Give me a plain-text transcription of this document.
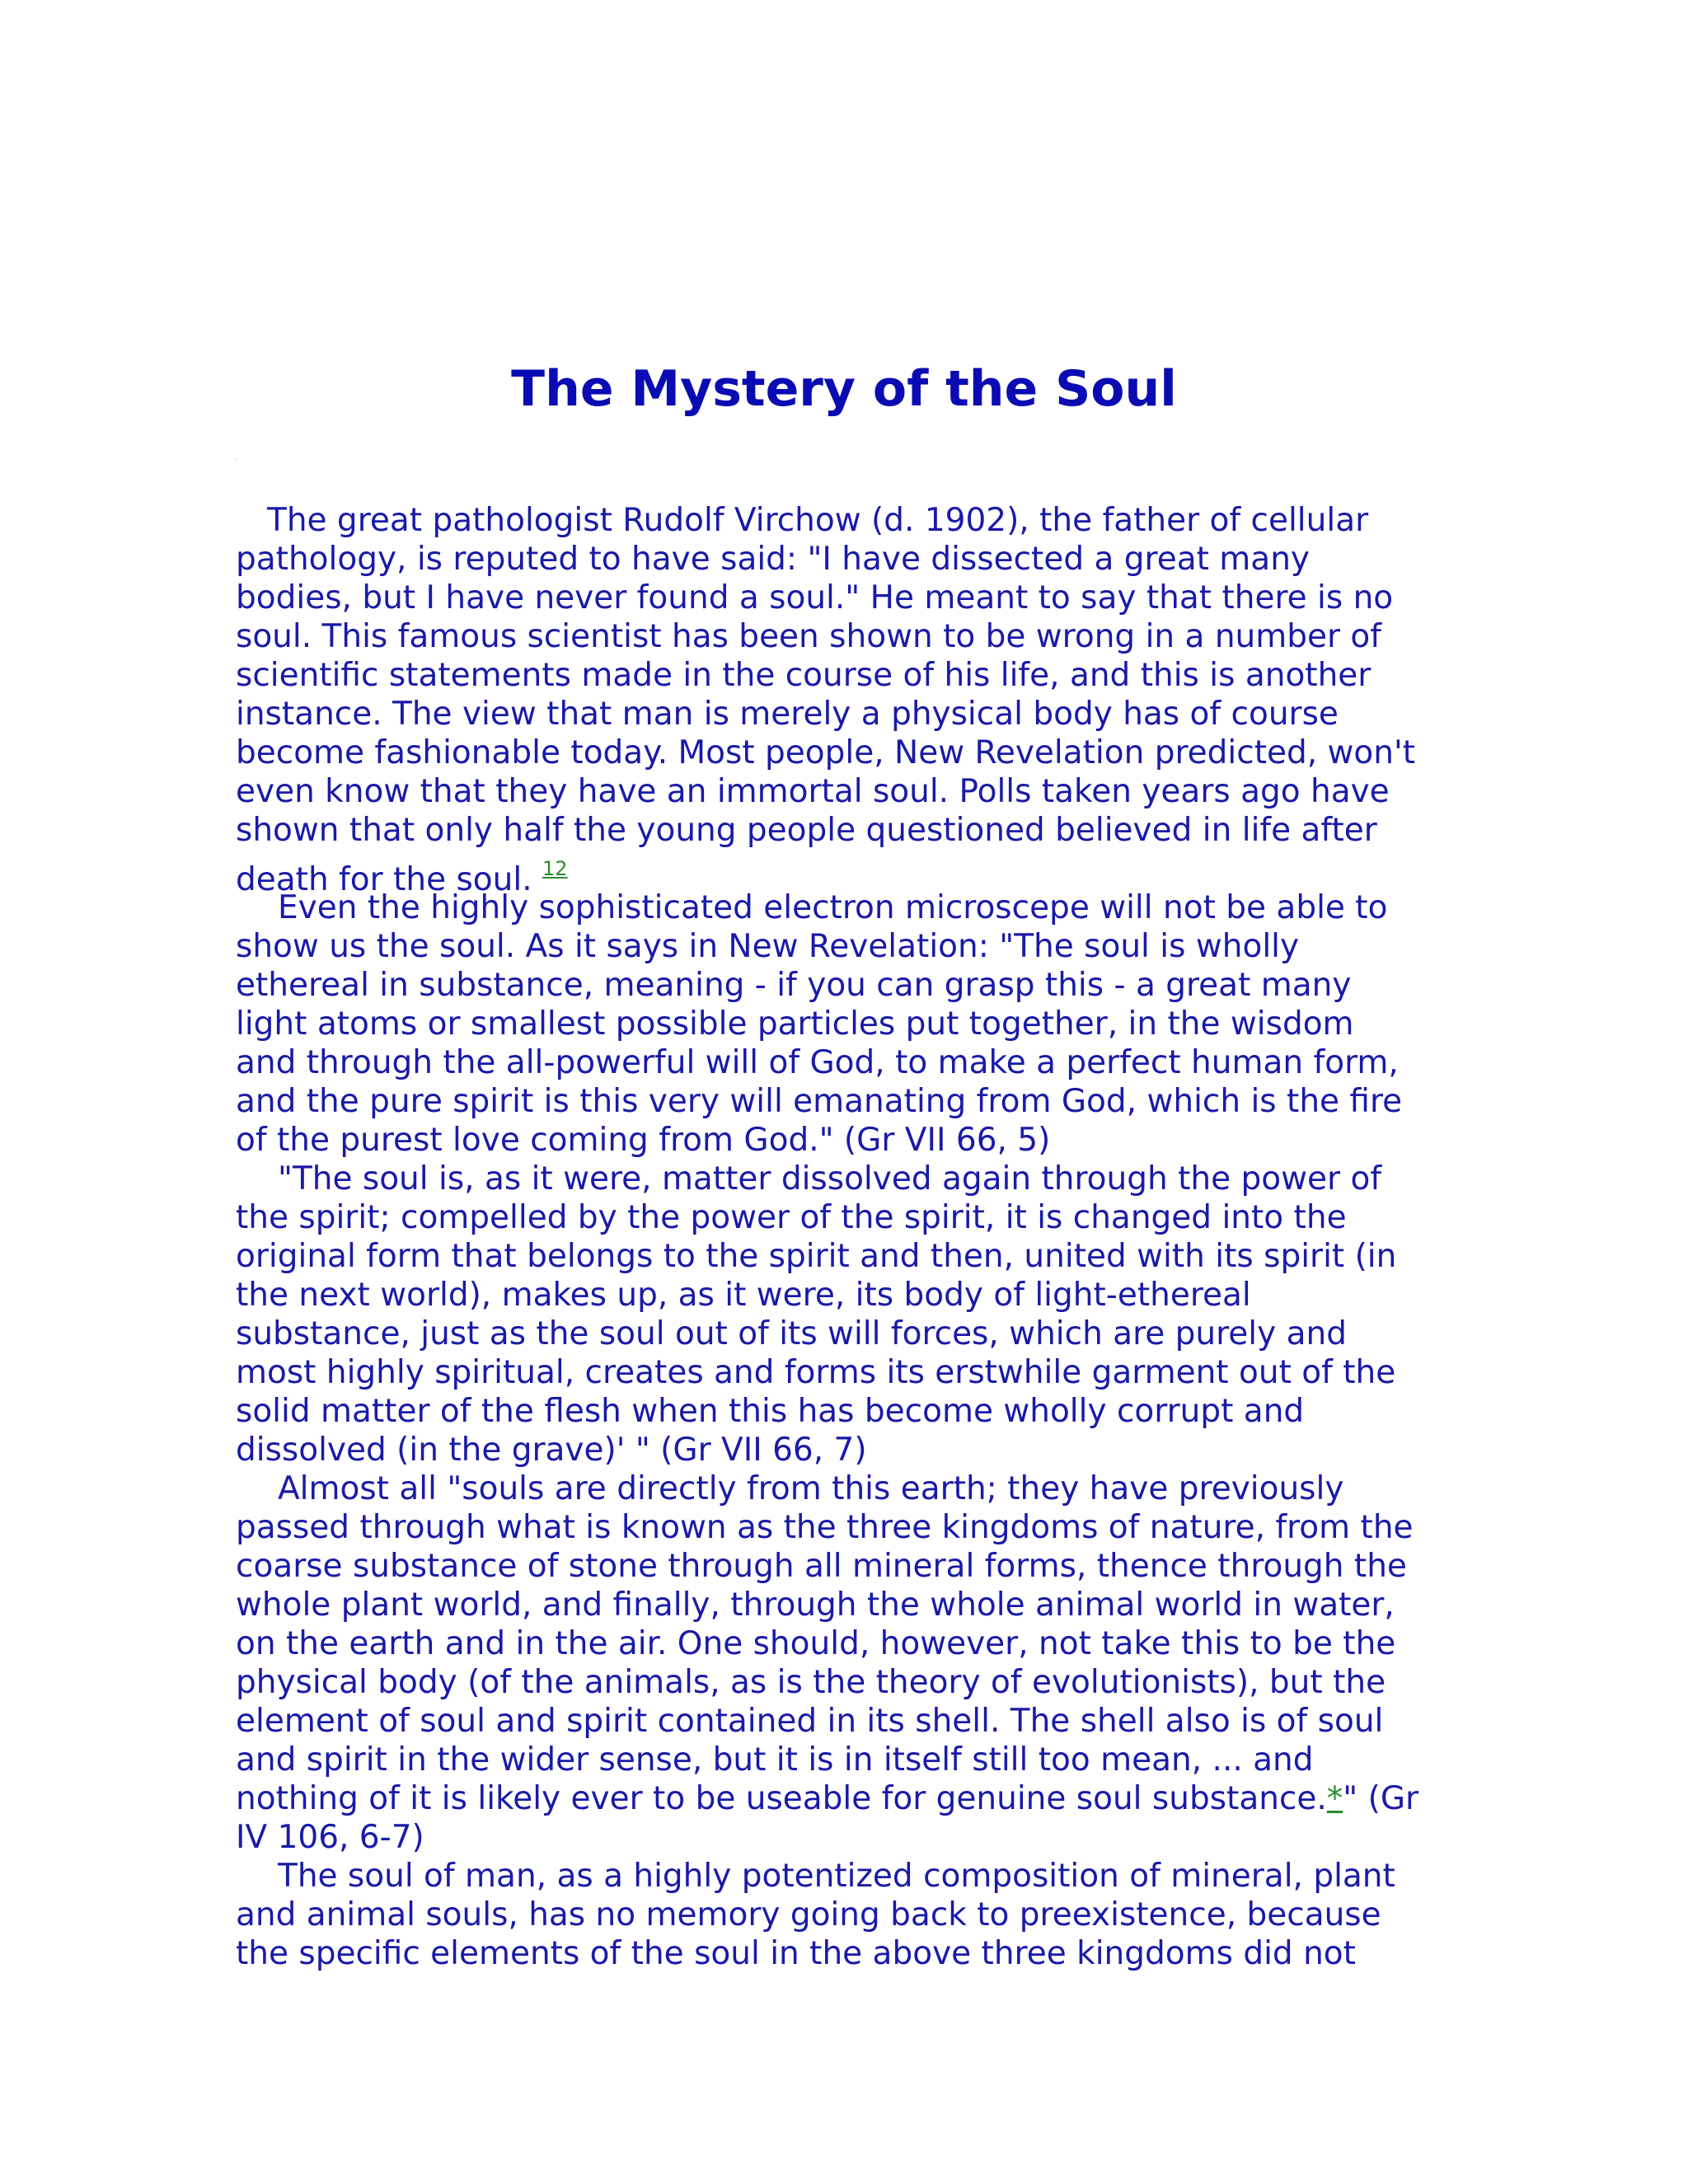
The Mystery of the Soul
The great pathologist Rudolf Virchow (d. 1902), the father of cellular
pathology, is reputed to have said: "I have dissected a great many
bodies, but I have never found a soul." He meant to say that there is no
soul. This famous scientist has been shown to be wrong in a number of
scientific statements made in the course of his life, and this is another
instance. The view that man is merely a physical body has of course
become fashionable today. Most people, New Revelation predicted, won't
even know that they have an immortal soul. Polls taken years ago have
shown that only half the young people questioned believed in life after
death for the soul. $^{12}$
Even the highly sophisticated electron microscepe will not be able to
show us the soul. As it says in New Revelation: "The soul is wholly
ethereal in substance, meaning - if you can grasp this - a great many
light atoms or smallest possible particles put together, in the wisdom
and through the all-powerful will of God, to make a perfect human form,
and the pure spirit is this very will emanating from God, which is the fire
of the purest love coming from God." (Gr VII 66, 5)
"The soul is, as it were, matter dissolved again through the power of
the spirit; compelled by the power of the spirit, it is changed into the
original form that belongs to the spirit and then, united with its spirit (in
the next world), makes up, as it were, its body of light-ethereal
substance, just as the soul out of its will forces, which are purely and
most highly spiritual, creates and forms its erstwhile garment out of the
solid matter of the flesh when this has become wholly corrupt and
dissolved (in the grave)' " (Gr VII 66, 7)
Almost all "souls are directly from this earth; they have previously
passed through what is known as the three kingdoms of nature, from the
coarse substance of stone through all mineral forms, thence through the
whole plant world, and finally, through the whole animal world in water,
on the earth and in the air. One should, however, not take this to be the
physical body (of the animals, as is the theory of evolutionists), but the
element of soul and spirit contained in its shell. The shell also is of soul
and spirit in the wider sense, but it is in itself still too mean, ... and
nothing of it is likely ever to be useable for genuine soul substance.*" (Gr
IV 106, 6-7)
The soul of man, as a highly potentized composition of mineral, plant
and animal souls, has no memory going back to preexistence, because
the specific elements of the soul in the above three kingdoms did not
